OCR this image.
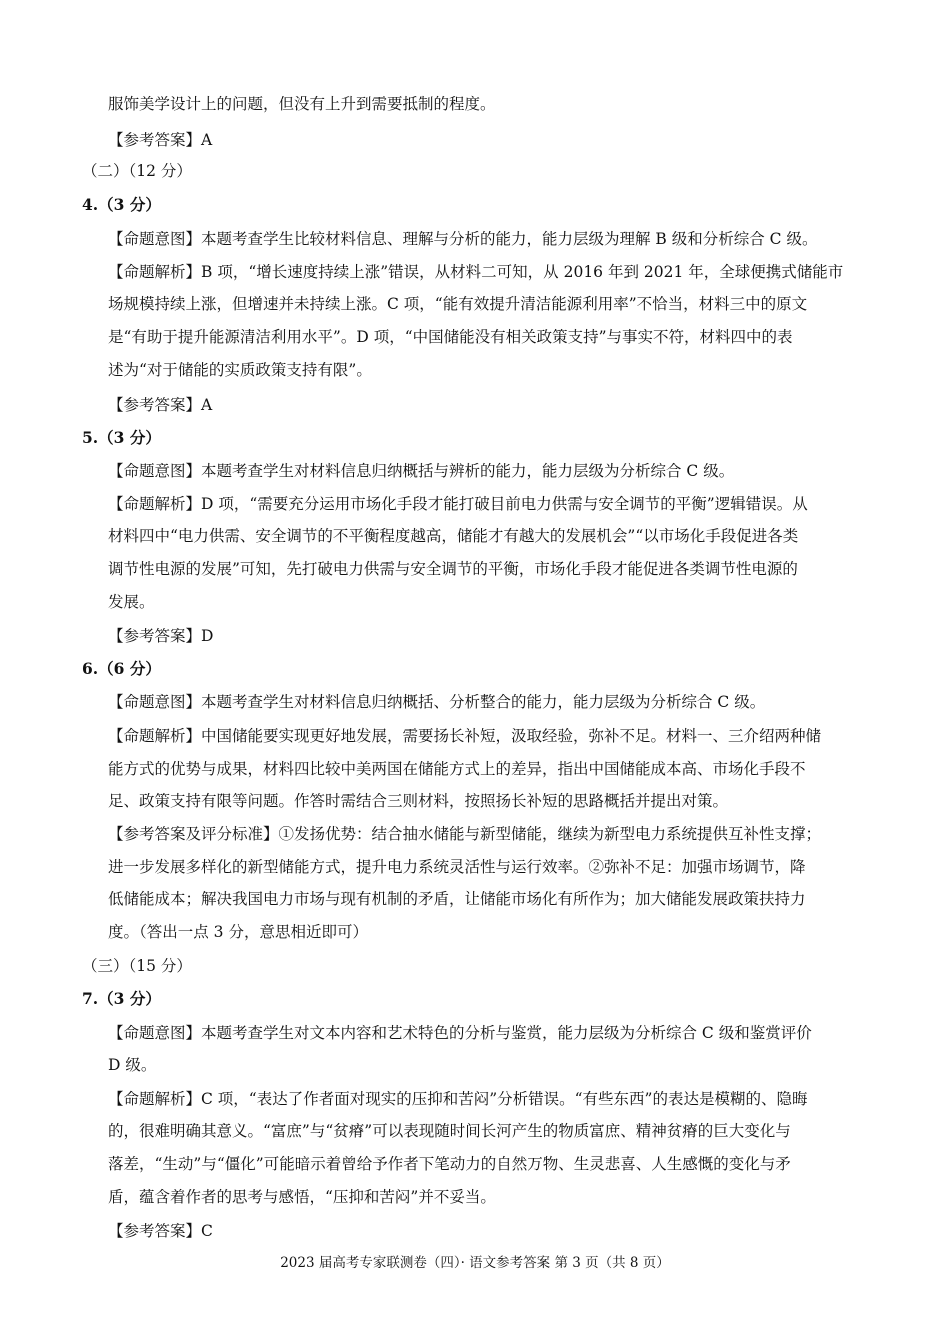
服饰美学设计上的问题，但没有上升到需要抵制的程度。
【参考答案】A
（二）（12 分）
4.（3 分）
【命题意图】本题考查学生比较材料信息、理解与分析的能力，能力层级为理解 B 级和分析综合 C 级。
【命题解析】B 项，“增长速度持续上涨”错误，从材料二可知，从 2016 年到 2021 年，全球便携式储能市
场规模持续上涨，但增速并未持续上涨。C 项，“能有效提升清洁能源利用率”不恰当，材料三中的原文
是“有助于提升能源清洁利用水平”。D 项，“中国储能没有相关政策支持”与事实不符，材料四中的表
述为“对于储能的实质政策支持有限”。
【参考答案】A
5.（3 分）
【命题意图】本题考查学生对材料信息归纳概括与辨析的能力，能力层级为分析综合 C 级。
【命题解析】D 项，“需要充分运用市场化手段才能打破目前电力供需与安全调节的平衡”逻辑错误。从
材料四中“电力供需、安全调节的不平衡程度越高，储能才有越大的发展机会”“以市场化手段促进各类
调节性电源的发展”可知，先打破电力供需与安全调节的平衡，市场化手段才能促进各类调节性电源的
发展。
【参考答案】D
6.（6 分）
【命题意图】本题考查学生对材料信息归纳概括、分析整合的能力，能力层级为分析综合 C 级。
【命题解析】中国储能要实现更好地发展，需要扬长补短，汲取经验，弥补不足。材料一、三介绍两种储
能方式的优势与成果，材料四比较中美两国在储能方式上的差异，指出中国储能成本高、市场化手段不
足、政策支持有限等问题。作答时需结合三则材料，按照扬长补短的思路概括并提出对策。
【参考答案及评分标准】①发扬优势：结合抽水储能与新型储能，继续为新型电力系统提供互补性支撑；
进一步发展多样化的新型储能方式，提升电力系统灵活性与运行效率。②弥补不足：加强市场调节，降
低储能成本；解决我国电力市场与现有机制的矛盾，让储能市场化有所作为；加大储能发展政策扶持力
度。（答出一点 3 分，意思相近即可）
（三）（15 分）
7.（3 分）
【命题意图】本题考查学生对文本内容和艺术特色的分析与鉴赏，能力层级为分析综合 C 级和鉴赏评价
D 级。
【命题解析】C 项，“表达了作者面对现实的压抑和苦闷”分析错误。“有些东西”的表达是模糊的、隐晦
的，很难明确其意义。“富庶”与“贫瘠”可以表现随时间长河产生的物质富庶、精神贫瘠的巨大变化与
落差，“生动”与“僵化”可能暗示着曾给予作者下笔动力的自然万物、生灵悲喜、人生感慨的变化与矛
盾，蕴含着作者的思考与感悟，“压抑和苦闷”并不妥当。
【参考答案】C
2023 届高考专家联测卷（四）· 语文参考答案 第 3 页（共 8 页）
